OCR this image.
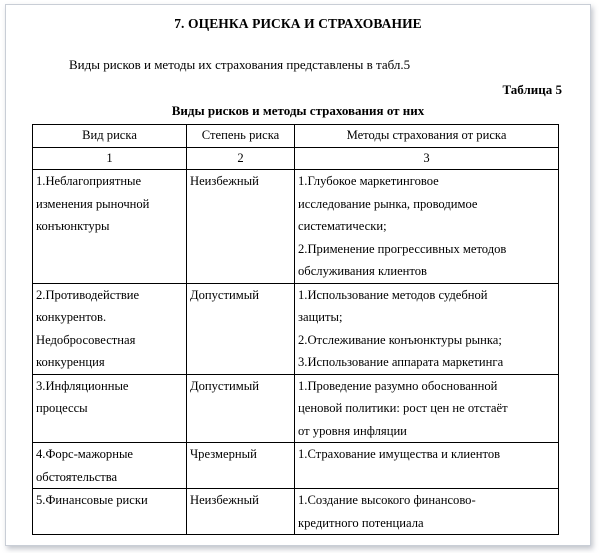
7. ОЦЕНКА РИСКА И СТРАХОВАНИЕ
Виды рисков и методы их страхования представлены в табл.5
Таблица 5
Виды рисков и методы страхования от них
Вид риска	Степень риска	Методы страхования от риска
1	2	3

1.Неблагоприятные
изменения рыночной
конъюнктуры	Неизбежный	1.Глубокое маркетинговое
исследование рынка, проводимое
систематически;
2.Применение прогрессивных методов
обслуживания клиентов

2.Противодействие
конкурентов.
Недобросовестная
конкуренция	Допустимый	1.Использование методов судебной
защиты;
2.Отслеживание конъюнктуры рынка;
3.Использование аппарата маркетинга

3.Инфляционные
процессы	Допустимый	1.Проведение разумно обоснованной
ценовой политики: рост цен не отстаёт
от уровня инфляции

4.Форс-мажорные
обстоятельства	Чрезмерный	1.Страхование имущества и клиентов

5.Финансовые риски	Неизбежный	1.Создание высокого финансово-
кредитного потенциала
